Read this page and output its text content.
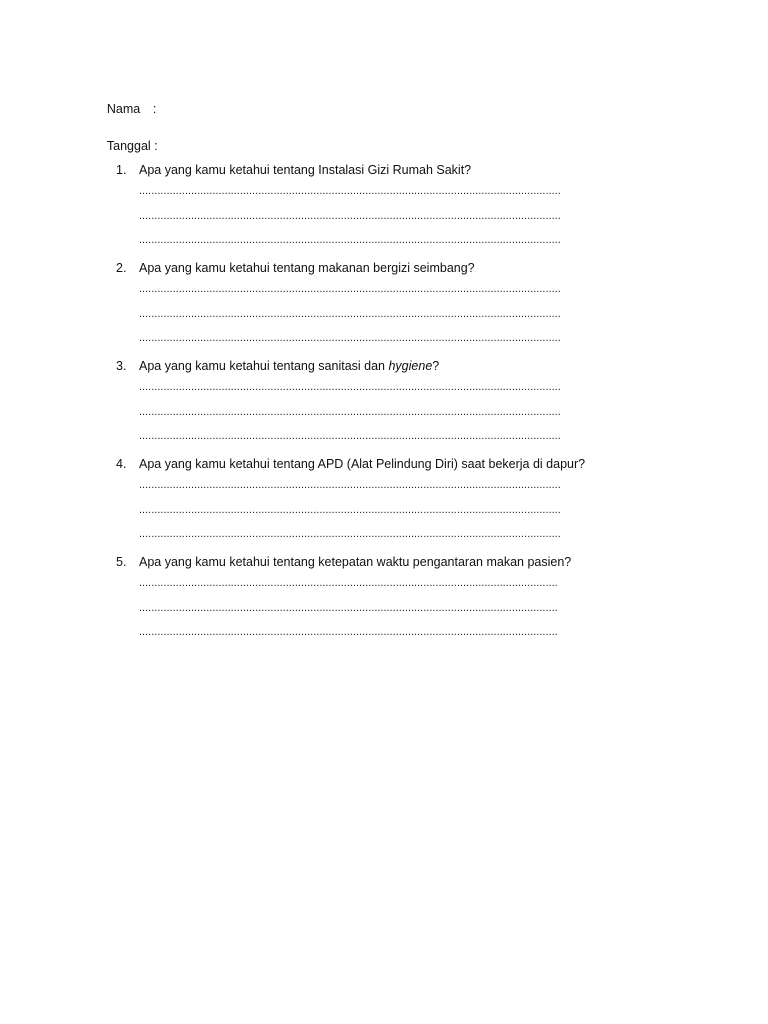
Nama :

Tanggal :

1. Apa yang kamu ketahui tentang Instalasi Gizi Rumah Sakit?
..........................................................................................................................................
..........................................................................................................................................
..........................................................................................................................................
2. Apa yang kamu ketahui tentang makanan bergizi seimbang?
..........................................................................................................................................
..........................................................................................................................................
..........................................................................................................................................
3. Apa yang kamu ketahui tentang sanitasi dan hygiene?
..........................................................................................................................................
..........................................................................................................................................
..........................................................................................................................................
4. Apa yang kamu ketahui tentang APD (Alat Pelindung Diri) saat bekerja di dapur?
..........................................................................................................................................
..........................................................................................................................................
..........................................................................................................................................
5. Apa yang kamu ketahui tentang ketepatan waktu pengantaran makan pasien?
.........................................................................................................................................
.........................................................................................................................................
.........................................................................................................................................
